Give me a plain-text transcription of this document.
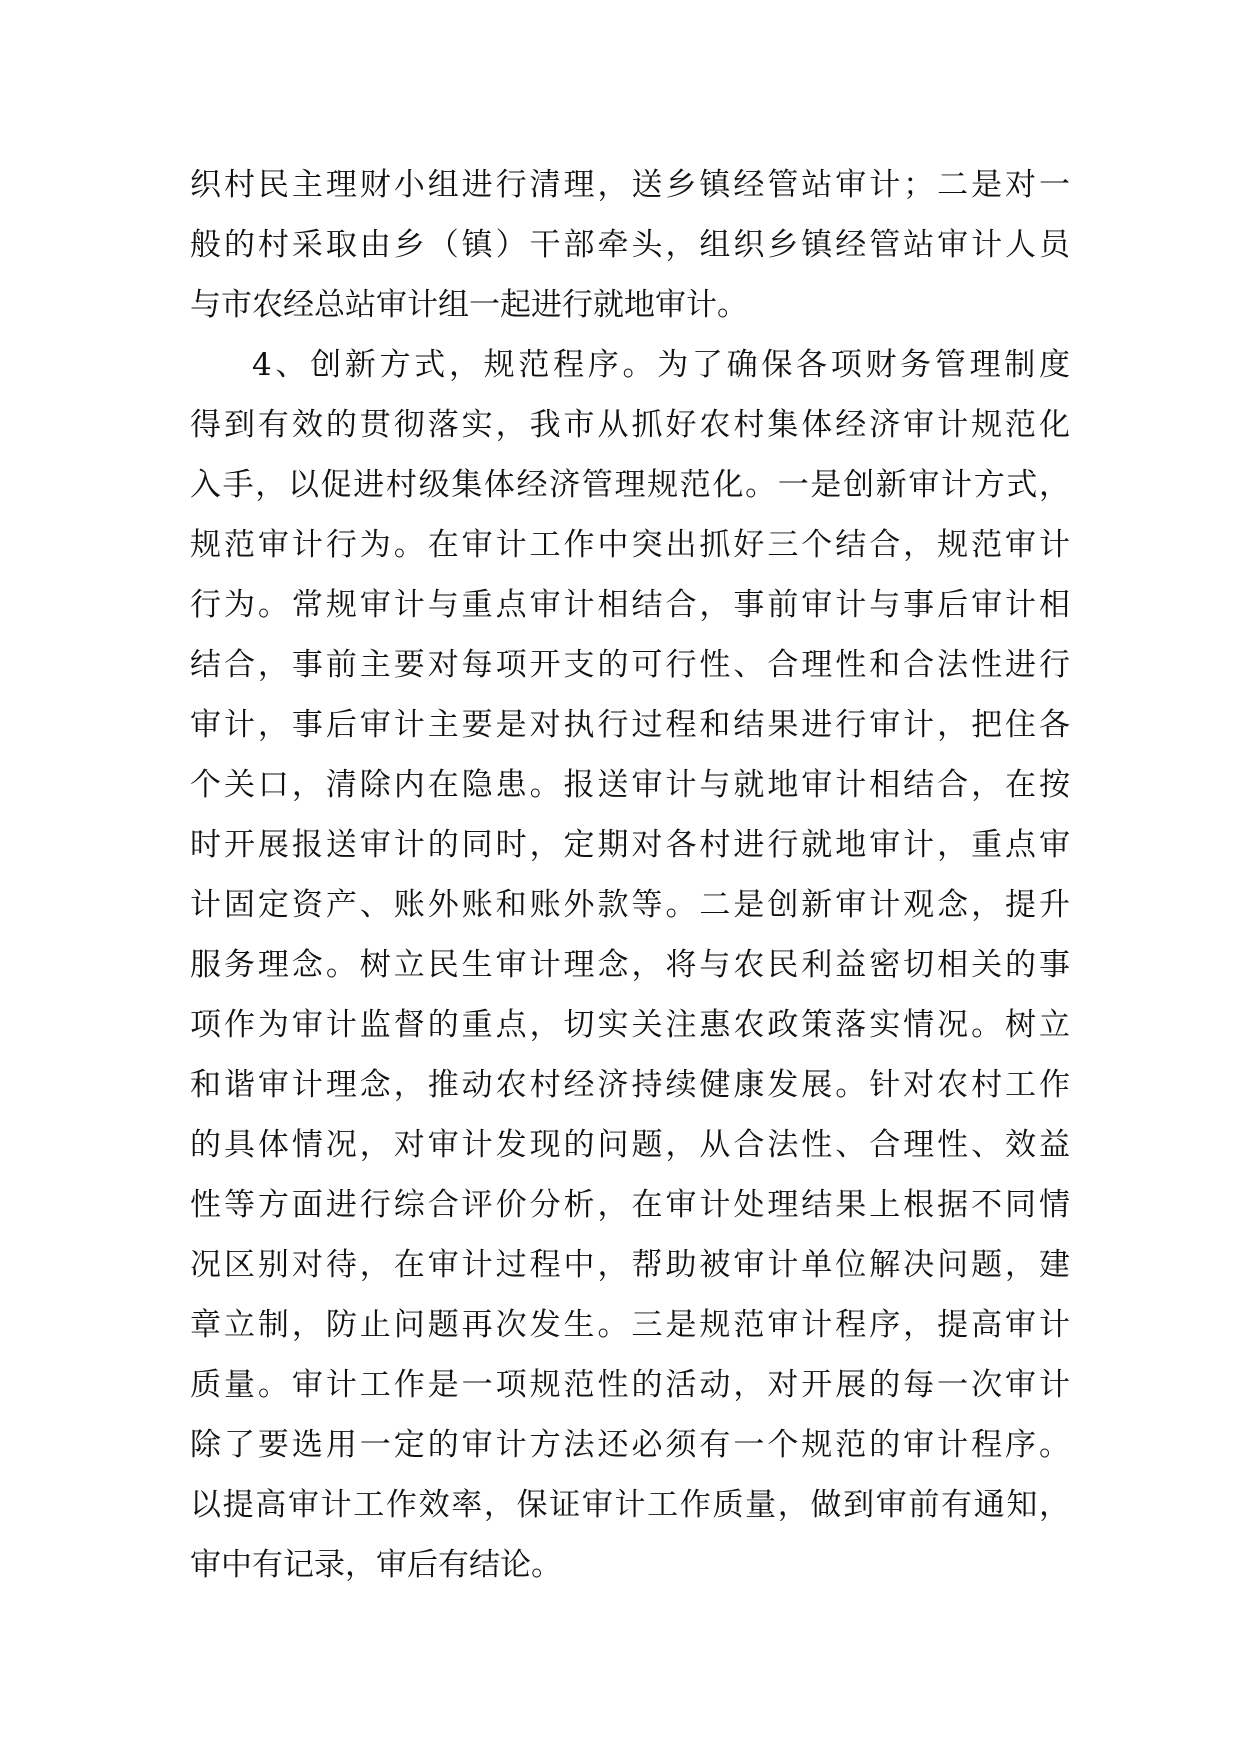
织村民主理财小组进行清理，送乡镇经管站审计；二是对一
般的村采取由乡（镇）干部牵头，组织乡镇经管站审计人员
与市农经总站审计组一起进行就地审计。
4、创新方式，规范程序。为了确保各项财务管理制度
得到有效的贯彻落实，我市从抓好农村集体经济审计规范化
入手，以促进村级集体经济管理规范化。一是创新审计方式，
规范审计行为。在审计工作中突出抓好三个结合，规范审计
行为。常规审计与重点审计相结合，事前审计与事后审计相
结合，事前主要对每项开支的可行性、合理性和合法性进行
审计，事后审计主要是对执行过程和结果进行审计，把住各
个关口，清除内在隐患。报送审计与就地审计相结合，在按
时开展报送审计的同时，定期对各村进行就地审计，重点审
计固定资产、账外账和账外款等。二是创新审计观念，提升
服务理念。树立民生审计理念，将与农民利益密切相关的事
项作为审计监督的重点，切实关注惠农政策落实情况。树立
和谐审计理念，推动农村经济持续健康发展。针对农村工作
的具体情况，对审计发现的问题，从合法性、合理性、效益
性等方面进行综合评价分析，在审计处理结果上根据不同情
况区别对待，在审计过程中，帮助被审计单位解决问题，建
章立制，防止问题再次发生。三是规范审计程序，提高审计
质量。审计工作是一项规范性的活动，对开展的每一次审计
除了要选用一定的审计方法还必须有一个规范的审计程序。
以提高审计工作效率，保证审计工作质量，做到审前有通知，
审中有记录，审后有结论。
